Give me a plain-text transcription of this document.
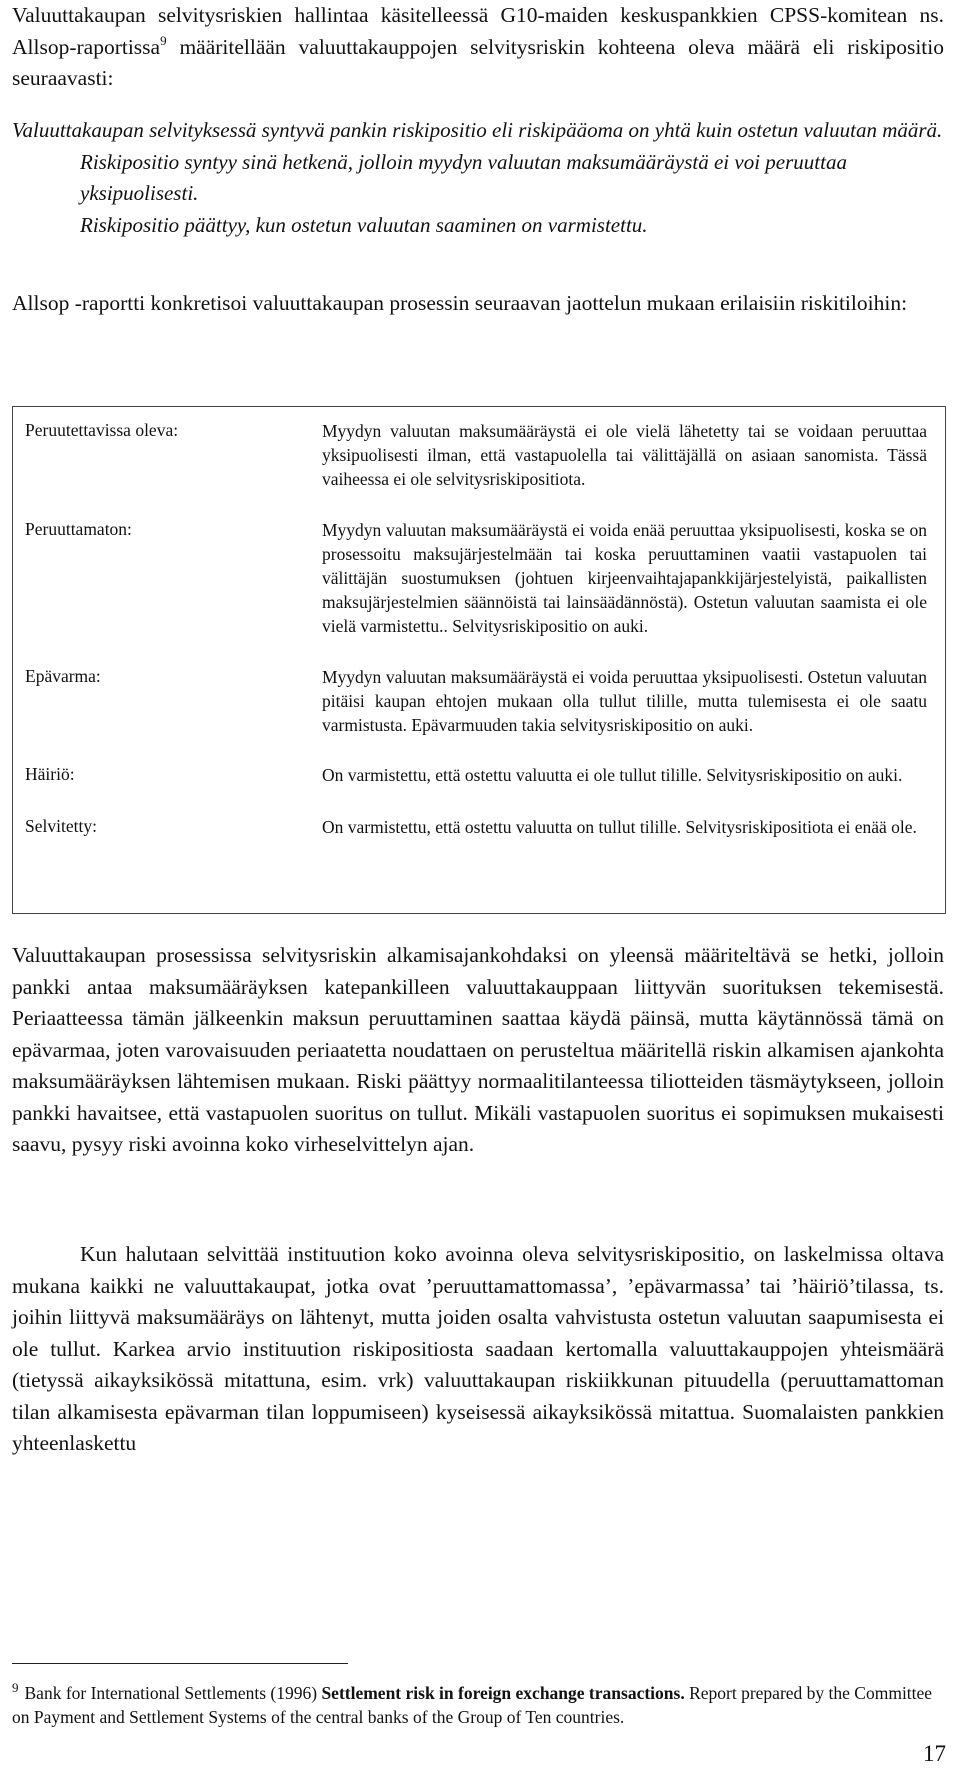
Valuuttakaupan selvitysriskien hallintaa käsitelleessä G10-maiden keskuspankkien CPSS-komitean ns. Allsop-raportissa$^9$ määritellään valuuttakauppojen selvitysriskin kohteena oleva määrä eli riskipositio seuraavasti:

Valuuttakaupan selvityksessä syntyvä pankin riskipositio eli riskipääoma on yhtä kuin ostetun valuutan määrä.
Riskipositio syntyy sinä hetkenä, jolloin myydyn valuutan maksumääräystä ei voi peruuttaa yksipuolisesti.
Riskipositio päättyy, kun ostetun valuutan saaminen on varmistettu.

Allsop -raportti konkretisoi valuuttakaupan prosessin seuraavan jaottelun mukaan erilaisiin riskitiloihin:

Peruutettavissa oleva:	Myydyn valuutan maksumääräystä ei ole vielä lähetetty tai se voidaan peruuttaa yksipuolisesti ilman, että vastapuolella tai välittäjällä on asiaan sanomista. Tässä vaiheessa ei ole selvitysriskipositiota.
Peruuttamaton:	Myydyn valuutan maksumääräystä ei voida enää peruuttaa yksipuolisesti, koska se on prosessoitu maksujärjestelmään tai koska peruuttaminen vaatii vastapuolen tai välittäjän suostumuksen (johtuen kirjeenvaihtajapankkijärjestelyistä, paikallisten maksujärjestelmien säännöistä tai lainsäädännöstä). Ostetun valuutan saamista ei ole vielä varmistettu.. Selvitysriskipositio on auki.
Epävarma:	Myydyn valuutan maksumääräystä ei voida peruuttaa yksipuolisesti. Ostetun valuutan pitäisi kaupan ehtojen mukaan olla tullut tilille, mutta tulemisesta ei ole saatu varmistusta. Epävarmuuden takia selvitysriskipositio on auki.
Häiriö:	On varmistettu, että ostettu valuutta ei ole tullut tilille. Selvitysriskipositio on auki.
Selvitetty:	On varmistettu, että ostettu valuutta on tullut tilille. Selvitysriskipositiota ei enää ole.

Valuuttakaupan prosessissa selvitysriskin alkamisajankohdaksi on yleensä määriteltävä se hetki, jolloin pankki antaa maksumääräyksen katepankilleen valuuttakauppaan liittyvän suorituksen tekemisestä. Periaatteessa tämän jälkeenkin maksun peruuttaminen saattaa käydä päinsä, mutta käytännössä tämä on epävarmaa, joten varovaisuuden periaatetta noudattaen on perusteltua määritellä riskin alkamisen ajankohta maksumääräyksen lähtemisen mukaan. Riski päättyy normaalitilanteessa tiliotteiden täsmäytykseen, jolloin pankki havaitsee, että vastapuolen suoritus on tullut. Mikäli vastapuolen suoritus ei sopimuksen mukaisesti saavu, pysyy riski avoinna koko virheselvittelyn ajan.

Kun halutaan selvittää instituution koko avoinna oleva selvitysriskipositio, on laskelmissa oltava mukana kaikki ne valuuttakaupat, jotka ovat ’peruuttamattomassa’, ’epävarmassa’ tai ’häiriö’tilassa, ts. joihin liittyvä maksumääräys on lähtenyt, mutta joiden osalta vahvistusta ostetun valuutan saapumisesta ei ole tullut. Karkea arvio instituution riskipositiosta saadaan kertomalla valuuttakauppojen yhteismäärä (tietyssä aikayksikössä mitattuna, esim. vrk) valuuttakaupan riskiikkunan pituudella (peruuttamattoman tilan alkamisesta epävarman tilan loppumiseen) kyseisessä aikayksikössä mitattua. Suomalaisten pankkien yhteenlaskettu

$^9$ Bank for International Settlements (1996) Settlement risk in foreign exchange transactions. Report prepared by the Committee on Payment and Settlement Systems of the central banks of the Group of Ten countries.

17
